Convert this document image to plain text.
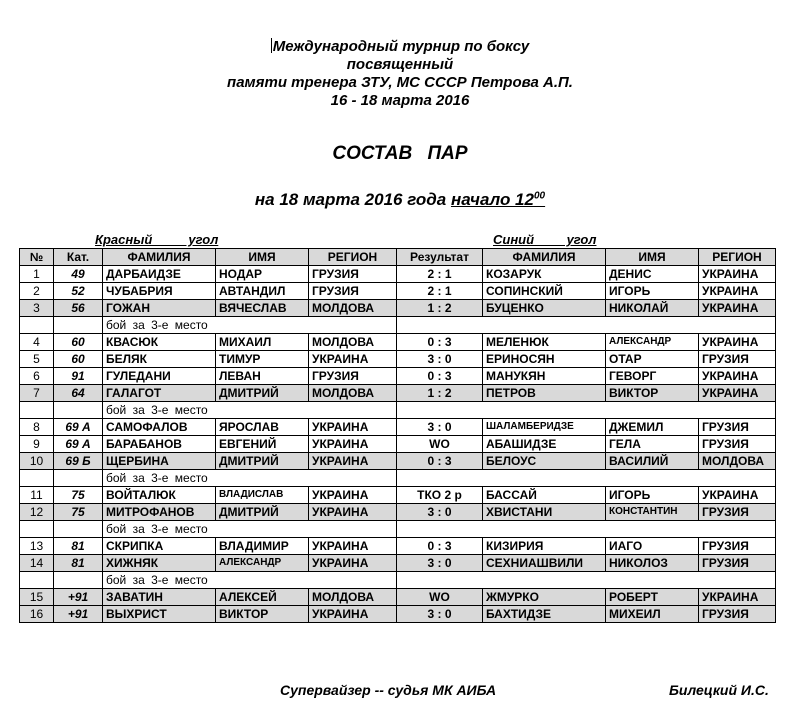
Международный турнир по боксу
посвященный
памяти тренера ЗТУ, МС СССР Петрова А.П.
16 - 18 марта 2016
СОСТАВ ПАР
на 18 марта 2016 года начало $12^{00}$
Красный          угол	Синий         угол
№	Кат.	ФАМИЛИЯ	ИМЯ	РЕГИОН	Результат	ФАМИЛИЯ	ИМЯ	РЕГИОН
1	49	ДАРБАИДЗЕ	НОДАР	ГРУЗИЯ	2 : 1	КОЗАРУК	ДЕНИС	УКРАИНА
2	52	ЧУБАБРИЯ	АВТАНДИЛ	ГРУЗИЯ	2 : 1	СОПИНСКИЙ	ИГОРЬ	УКРАИНА
3	56	ГОЖАН	ВЯЧЕСЛАВ	МОЛДОВА	1 : 2	БУЦЕНКО	НИКОЛАЙ	УКРАИНА
		бой за 3-е место						
4	60	КВАСЮК	МИХАИЛ	МОЛДОВА	0 : 3	МЕЛЕНЮК	АЛЕКСАНДР	УКРАИНА
5	60	БЕЛЯК	ТИМУР	УКРАИНА	3 : 0	ЕРИНОСЯН	ОТАР	ГРУЗИЯ
6	91	ГУЛЕДАНИ	ЛЕВАН	ГРУЗИЯ	0 : 3	МАНУКЯН	ГЕВОРГ	УКРАИНА
7	64	ГАЛАГОТ	ДМИТРИЙ	МОЛДОВА	1 : 2	ПЕТРОВ	ВИКТОР	УКРАИНА
		бой за 3-е место						
8	69 А	САМОФАЛОВ	ЯРОСЛАВ	УКРАИНА	3 : 0	ШАЛАМБЕРИДЗЕ	ДЖЕМИЛ	ГРУЗИЯ
9	69 А	БАРАБАНОВ	ЕВГЕНИЙ	УКРАИНА	WO	АБАШИДЗЕ	ГЕЛА	ГРУЗИЯ
10	69 Б	ЩЕРБИНА	ДМИТРИЙ	УКРАИНА	0 : 3	БЕЛОУС	ВАСИЛИЙ	МОЛДОВА
		бой за 3-е место						
11	75	ВОЙТАЛЮК	ВЛАДИСЛАВ	УКРАИНА	ТКО 2 р	БАССАЙ	ИГОРЬ	УКРАИНА
12	75	МИТРОФАНОВ	ДМИТРИЙ	УКРАИНА	3 : 0	ХВИСТАНИ	КОНСТАНТИН	ГРУЗИЯ
		бой за 3-е место						
13	81	СКРИПКА	ВЛАДИМИР	УКРАИНА	0 : 3	КИЗИРИЯ	ИАГО	ГРУЗИЯ
14	81	ХИЖНЯК	АЛЕКСАНДР	УКРАИНА	3 : 0	СЕХНИАШВИЛИ	НИКОЛОЗ	ГРУЗИЯ
		бой за 3-е место						
15	+91	ЗАВАТИН	АЛЕКСЕЙ	МОЛДОВА	WO	ЖМУРКО	РОБЕРТ	УКРАИНА
16	+91	ВЫХРИСТ	ВИКТОР	УКРАИНА	3 : 0	БАХТИДЗЕ	МИХЕИЛ	ГРУЗИЯ
Супервайзер -- судья МК АИБА	Билецкий И.С.
